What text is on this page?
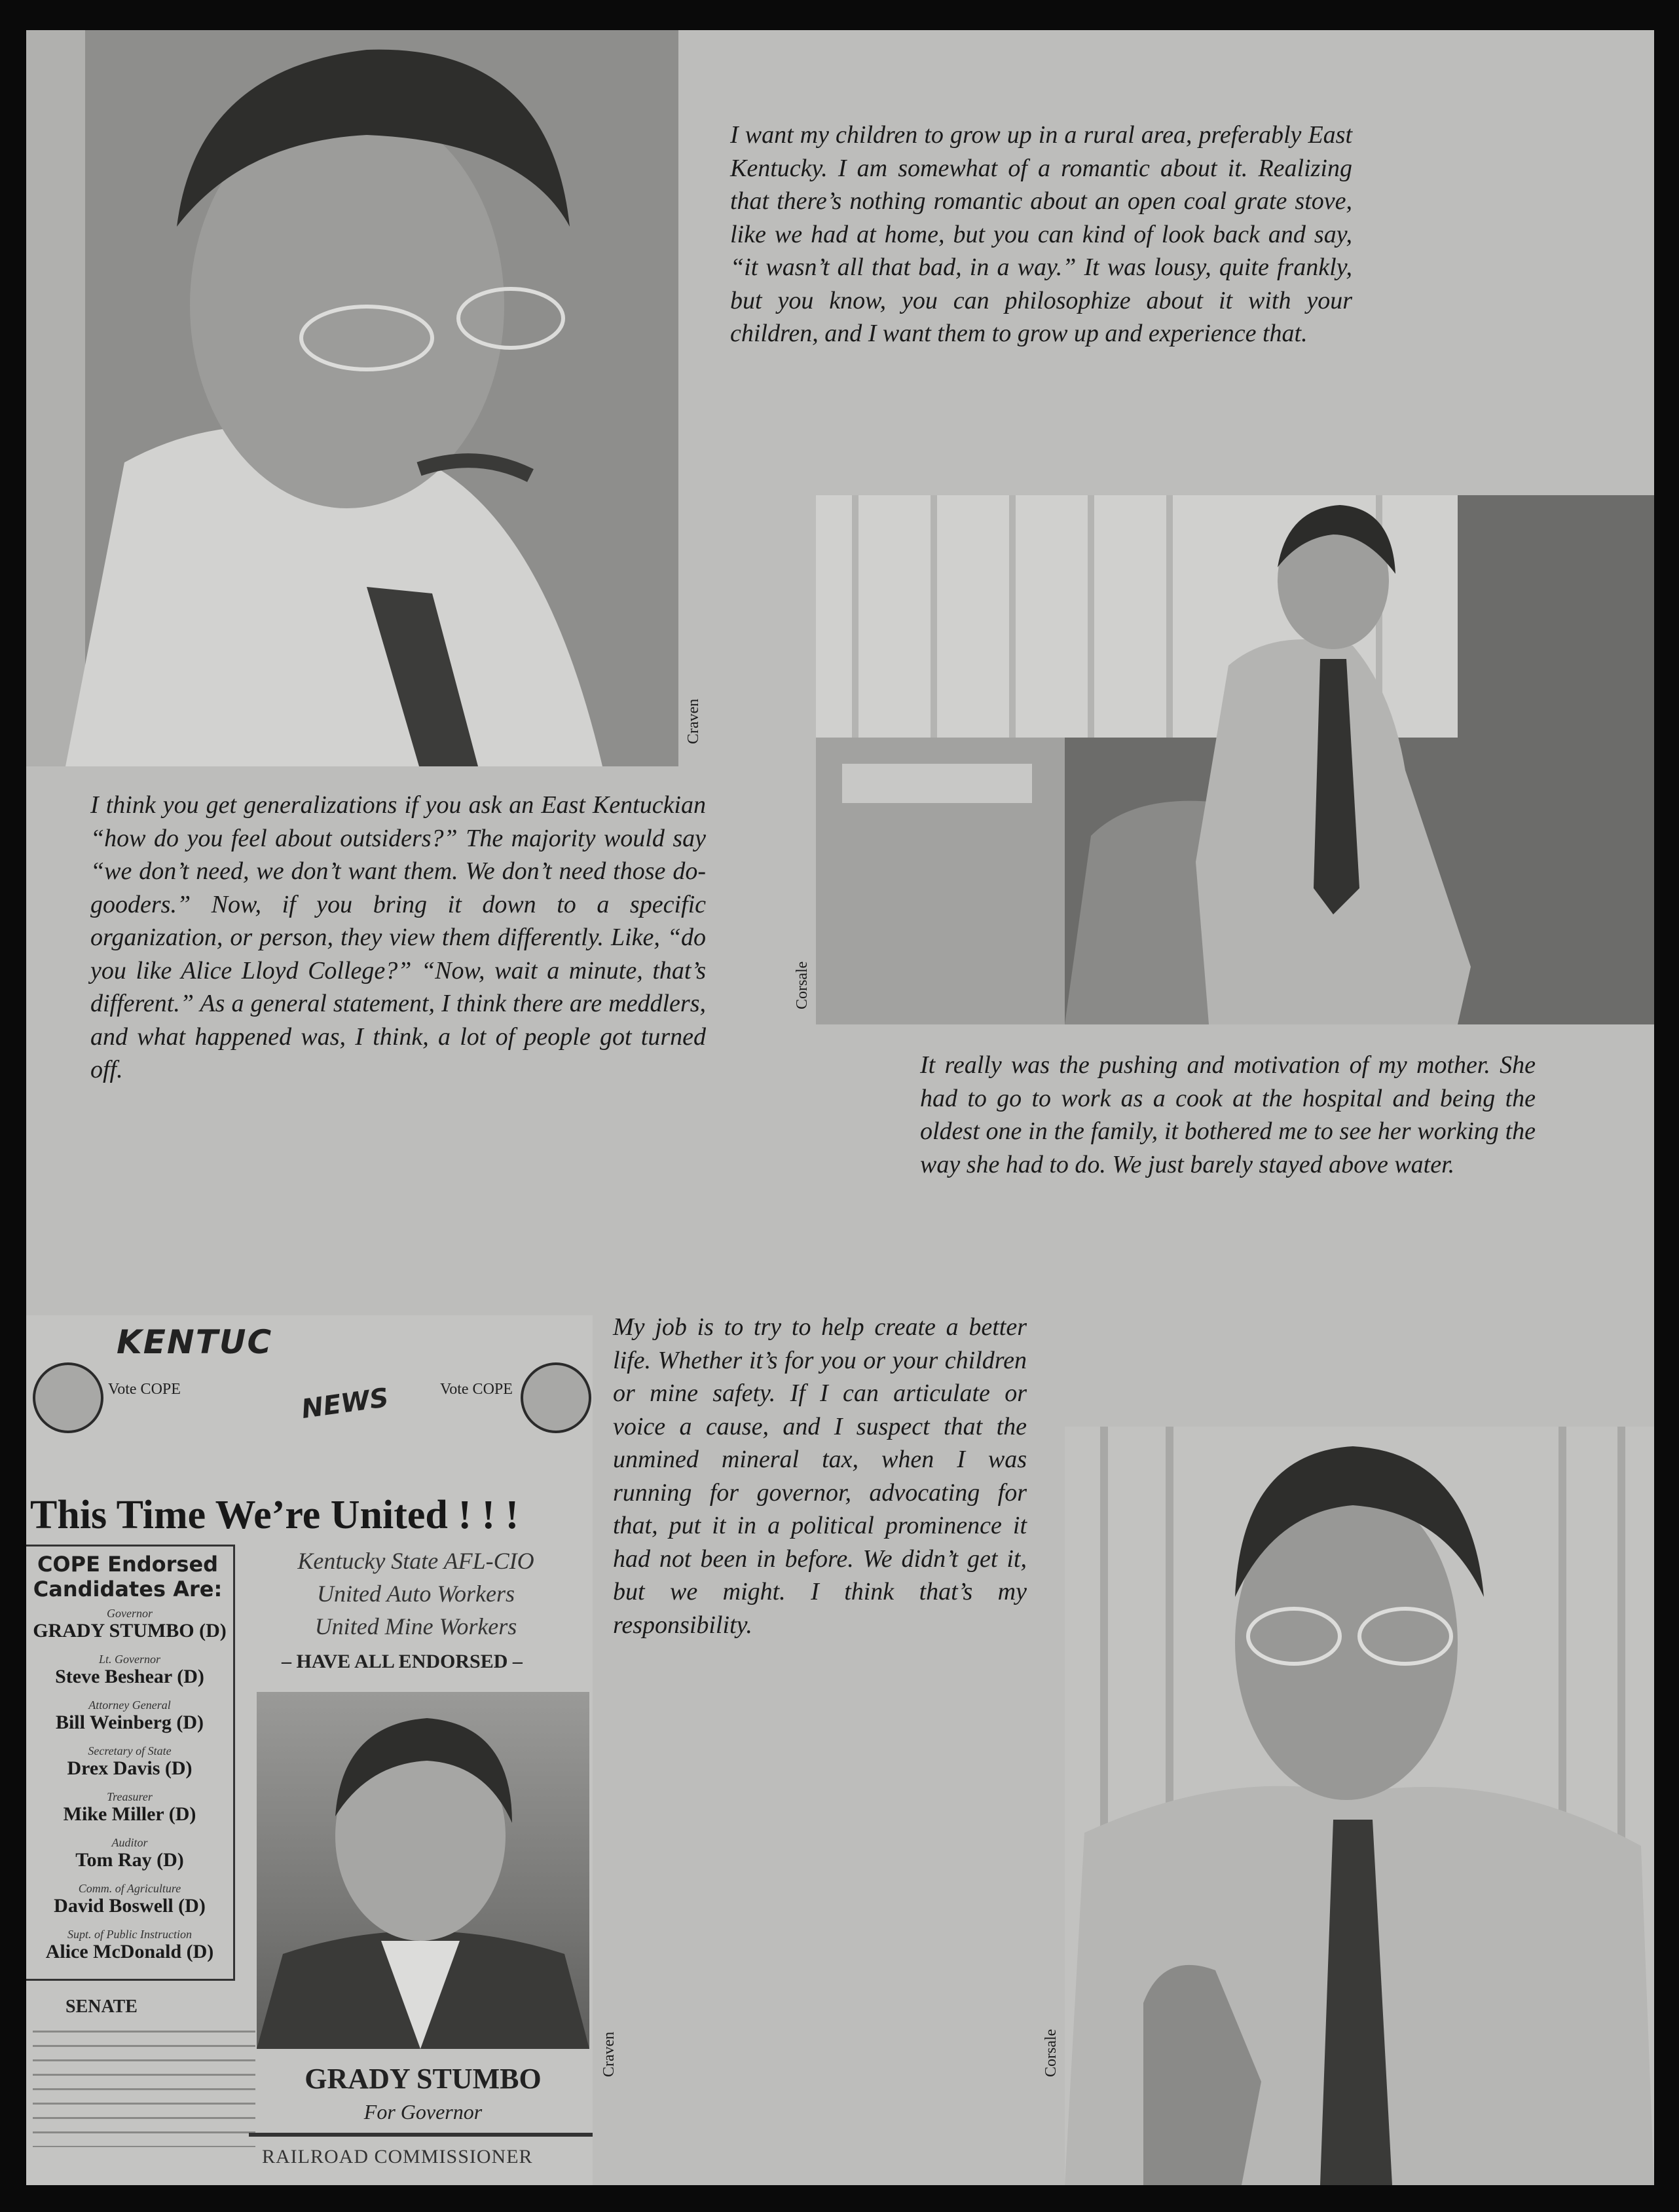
Craven

I want my children to grow up in a rural area, preferably East Kentucky. I am somewhat of a romantic about it. Realizing that there’s nothing romantic about an open coal grate stove, like we had at home, but you can kind of look back and say, “it wasn’t all that bad, in a way.” It was lousy, quite frankly, but you know, you can philosophize about it with your children, and I want them to grow up and experience that.

Corsale

I think you get generalizations if you ask an East Kentuckian “how do you feel about outsiders?” The majority would say “we don’t need, we don’t want them. We don’t need those do-gooders.” Now, if you bring it down to a specific organization, or person, they view them differently. Like, “do you like Alice Lloyd College?” “Now, wait a minute, that’s different.” As a general statement, I think there are meddlers, and what happened was, I think, a lot of people got turned off.	It really was the pushing and motivation of my mother. She had to go to work as a cook at the hospital and being the oldest one in the family, it bothered me to see her working the way she had to do. We just barely stayed above water.

KENTUC
NEWS
Vote COPE	Vote COPE
This Time We’re United ! ! !
COPE Endorsed
Candidates Are:
Governor
GRADY STUMBO (D)
Lt. Governor
Steve Beshear (D)
Attorney General
Bill Weinberg (D)
Secretary of State
Drex Davis (D)
Treasurer
Mike Miller (D)
Auditor
Tom Ray (D)
Comm. of Agriculture
David Boswell (D)
Supt. of Public Instruction
Alice McDonald (D)
SENATE
Kentucky State AFL-CIO
United Auto Workers
United Mine Workers
– HAVE ALL ENDORSED –
GRADY STUMBO
For Governor
RAILROAD COMMISSIONER
Craven

My job is to try to help create a better life. Whether it’s for you or your children or mine safety. If I can articulate or voice a cause, and I suspect that the unmined mineral tax, when I was running for governor, advocating for that, put it in a political prominence it had not been in before. We didn’t get it, but we might. I think that’s my responsibility.

Corsale
